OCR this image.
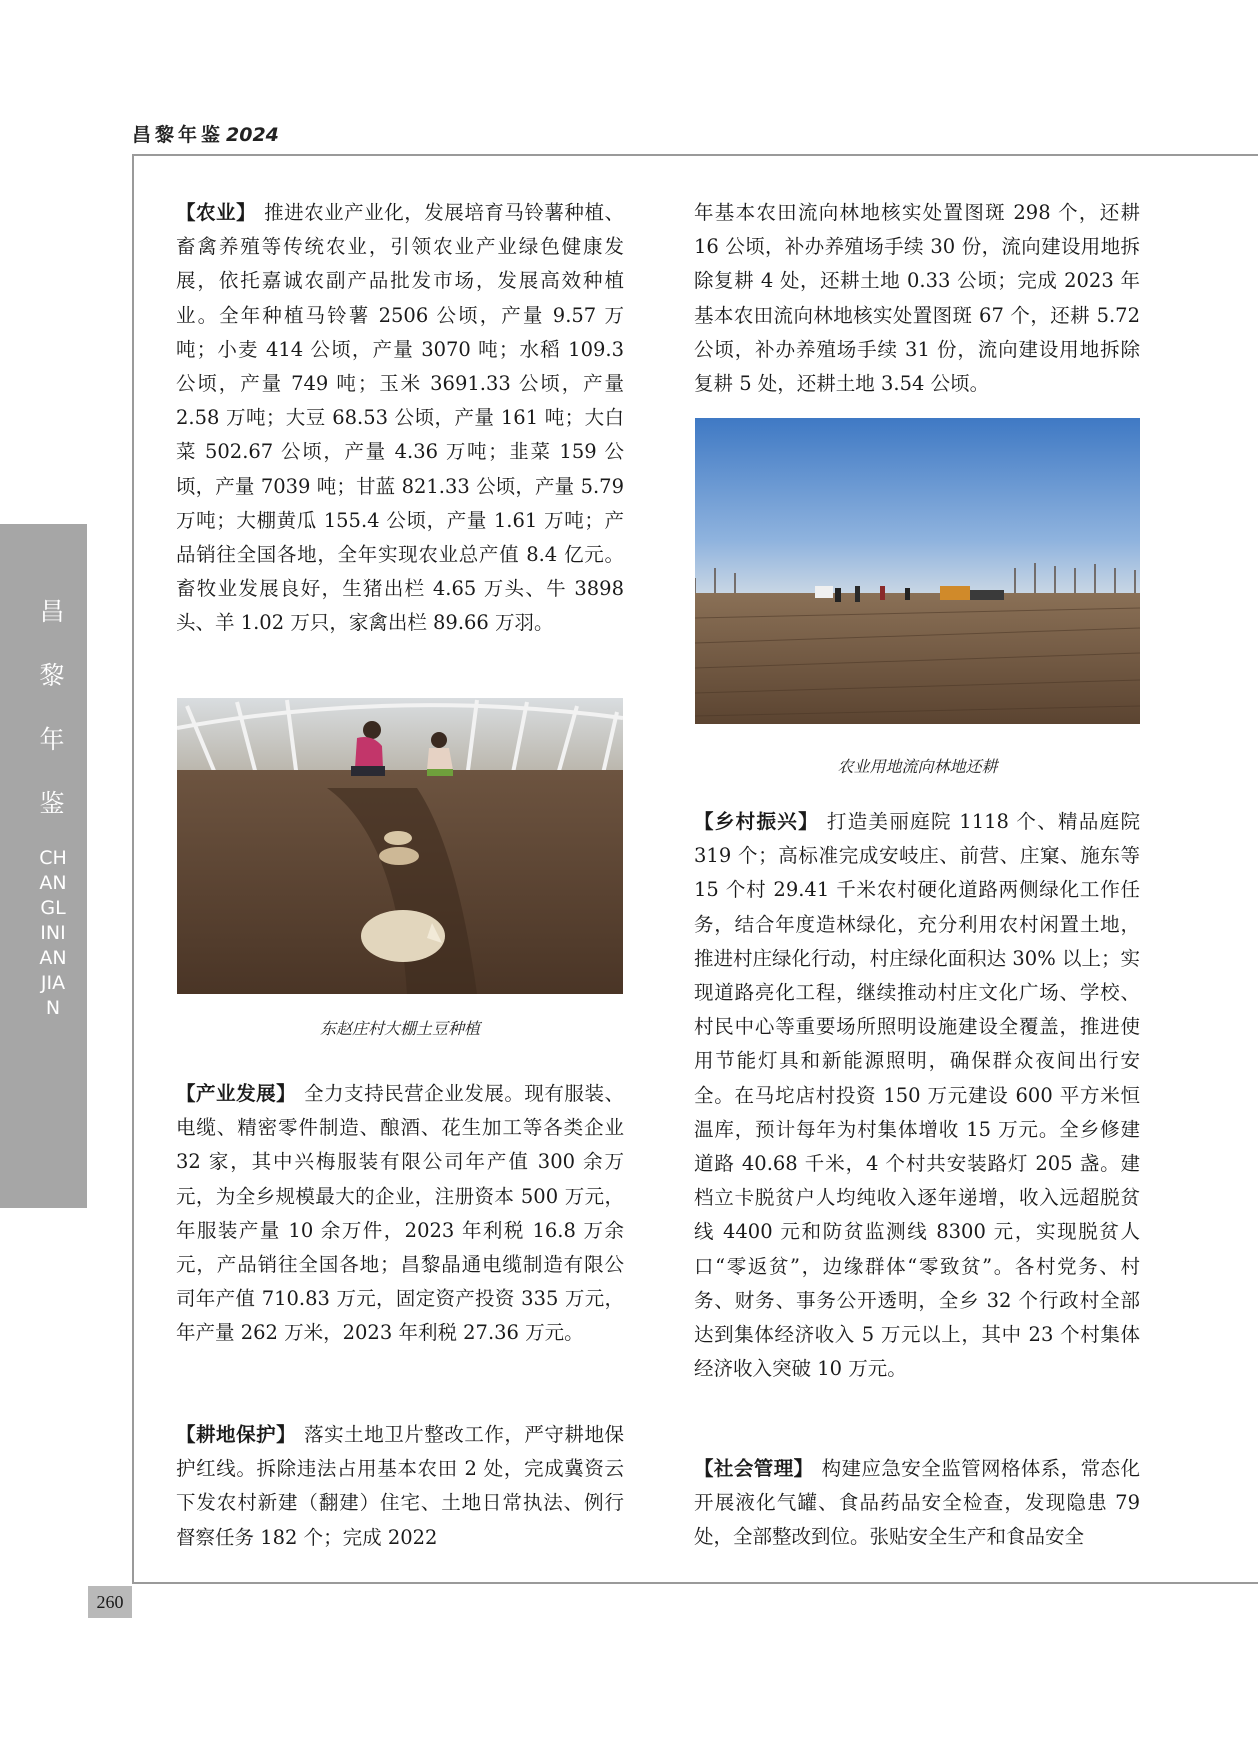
昌黎年鉴 2024
昌
黎
年
鉴
CHANGLINIANJIAN
260

【农业】 推进农业产业化，发展培育马铃薯种植、畜禽养殖等传统农业，引领农业产业绿色健康发展，依托嘉诚农副产品批发市场，发展高效种植业。全年种植马铃薯 2506 公顷，产量 9.57 万吨；小麦 414 公顷，产量 3070 吨；水稻 109.3 公顷，产量 749 吨；玉米 3691.33 公顷，产量 2.58 万吨；大豆 68.53 公顷，产量 161 吨；大白菜 502.67 公顷，产量 4.36 万吨；韭菜 159 公顷，产量 7039 吨；甘蓝 821.33 公顷，产量 5.79 万吨；大棚黄瓜 155.4 公顷，产量 1.61 万吨；产品销往全国各地，全年实现农业总产值 8.4 亿元。畜牧业发展良好，生猪出栏 4.65 万头、牛 3898 头、羊 1.02 万只，家禽出栏 89.66 万羽。

东赵庄村大棚土豆种植

【产业发展】 全力支持民营企业发展。现有服装、电缆、精密零件制造、酿酒、花生加工等各类企业 32 家，其中兴梅服装有限公司年产值 300 余万元，为全乡规模最大的企业，注册资本 500 万元，年服装产量 10 余万件，2023 年利税 16.8 万余元，产品销往全国各地；昌黎晶通电缆制造有限公司年产值 710.83 万元，固定资产投资 335 万元，年产量 262 万米，2023 年利税 27.36 万元。

【耕地保护】 落实土地卫片整改工作，严守耕地保护红线。拆除违法占用基本农田 2 处，完成冀资云下发农村新建（翻建）住宅、土地日常执法、例行督察任务 182 个；完成 2022

年基本农田流向林地核实处置图斑 298 个，还耕 16 公顷，补办养殖场手续 30 份，流向建设用地拆除复耕 4 处，还耕土地 0.33 公顷；完成 2023 年基本农田流向林地核实处置图斑 67 个，还耕 5.72 公顷，补办养殖场手续 31 份，流向建设用地拆除复耕 5 处，还耕土地 3.54 公顷。

农业用地流向林地还耕

【乡村振兴】 打造美丽庭院 1118 个、精品庭院 319 个；高标准完成安岐庄、前营、庄窠、施东等 15 个村 29.41 千米农村硬化道路两侧绿化工作任务，结合年度造林绿化，充分利用农村闲置土地，推进村庄绿化行动，村庄绿化面积达 30% 以上；实现道路亮化工程，继续推动村庄文化广场、学校、村民中心等重要场所照明设施建设全覆盖，推进使用节能灯具和新能源照明，确保群众夜间出行安全。在马坨店村投资 150 万元建设 600 平方米恒温库，预计每年为村集体增收 15 万元。全乡修建道路 40.68 千米，4 个村共安装路灯 205 盏。建档立卡脱贫户人均纯收入逐年递增，收入远超脱贫线 4400 元和防贫监测线 8300 元，实现脱贫人口“零返贫”，边缘群体“零致贫”。各村党务、村务、财务、事务公开透明，全乡 32 个行政村全部达到集体经济收入 5 万元以上，其中 23 个村集体经济收入突破 10 万元。

【社会管理】 构建应急安全监管网格体系，常态化开展液化气罐、食品药品安全检查，发现隐患 79 处，全部整改到位。张贴安全生产和食品安全
